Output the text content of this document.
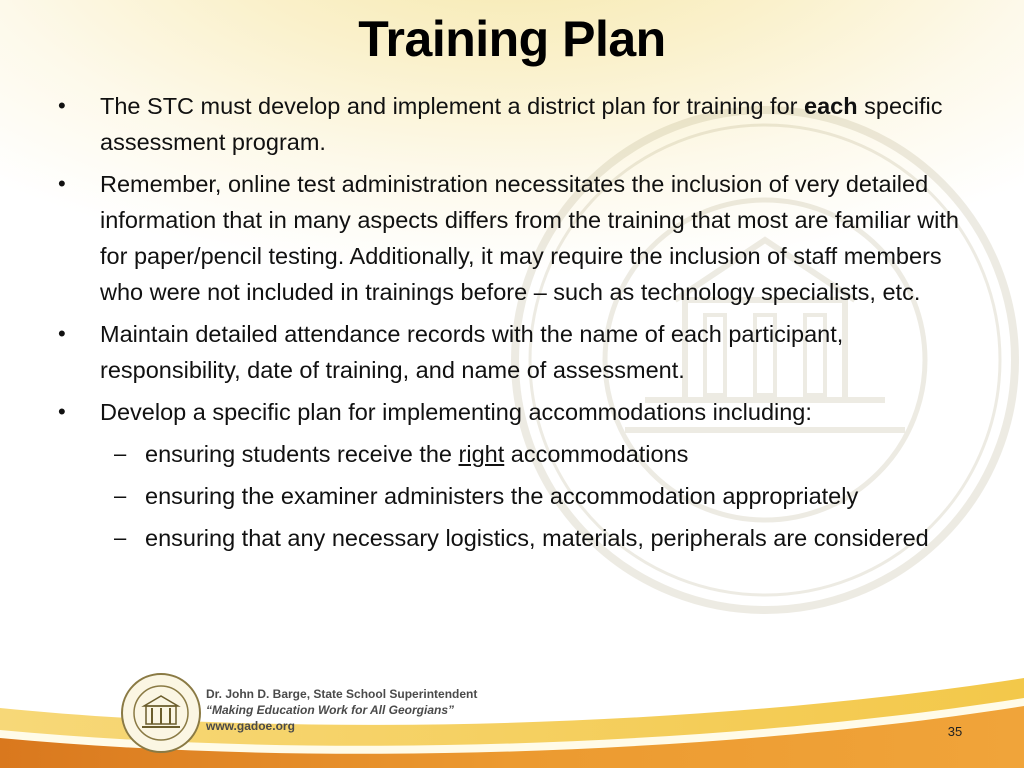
Training Plan
• The STC must develop and implement a district plan for training for each specific assessment program.
• Remember, online test administration necessitates the inclusion of very detailed information that in many aspects differs from the training that most are familiar with for paper/pencil testing. Additionally, it may require the inclusion of staff members who were not included in trainings before – such as technology specialists, etc.
• Maintain detailed attendance records with the name of each participant, responsibility, date of training, and name of assessment.
• Develop a specific plan for implementing accommodations including:
– ensuring students receive the right accommodations
– ensuring the examiner administers the accommodation appropriately
– ensuring that any necessary logistics, materials, peripherals are considered
Dr. John D. Barge, State School Superintendent
“Making Education Work for All Georgians”
www.gadoe.org	35
